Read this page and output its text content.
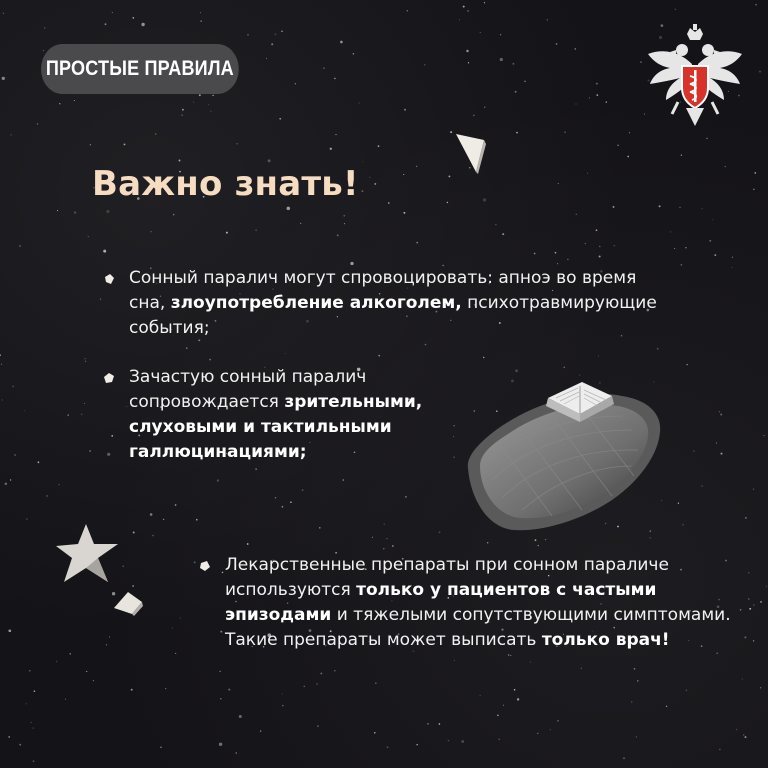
ПРОСТЫЕ ПРАВИЛА
Важно знать!

Сонный паралич могут спровоцировать: апноэ во время сна, злоупотребление алкоголем, психотравмирующие события;

Зачастую сонный паралич сопровождается зрительными, слуховыми и тактильными галлюцинациями;

Лекарственные препараты при сонном параличе используются только у пациентов с частыми эпизодами и тяжелыми сопутствующими симптомами. Такие препараты может выписать только врач!
